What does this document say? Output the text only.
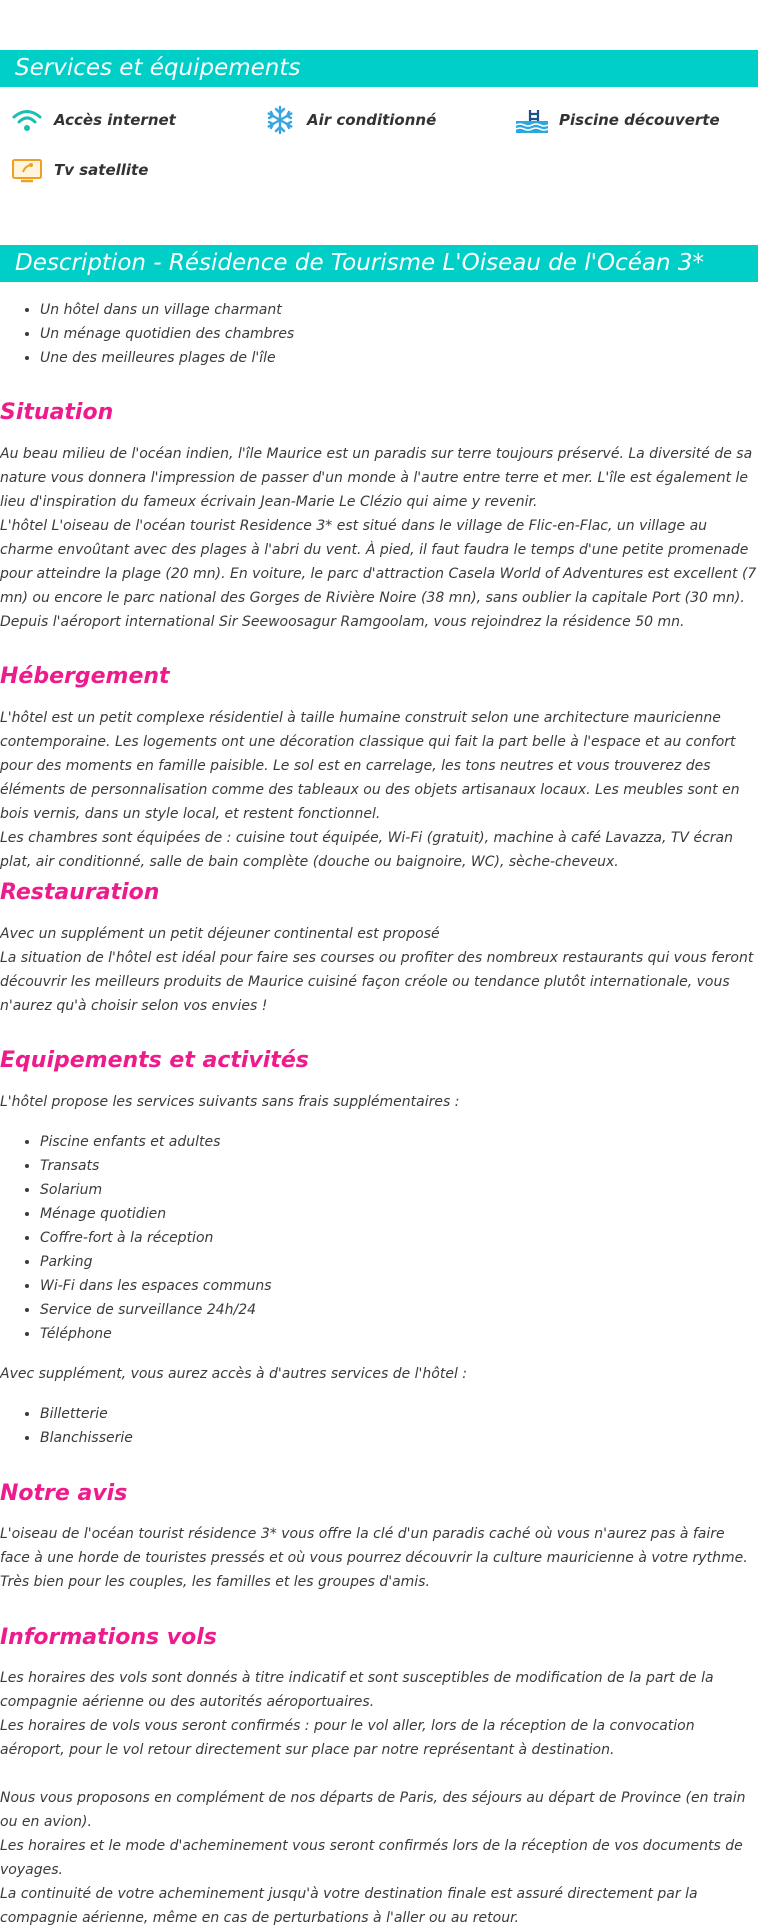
Services et équipements
Accès internet	Air conditionné	Piscine découverte
Tv satellite
Description - Résidence de Tourisme L'Oiseau de l'Océan 3*
• Un hôtel dans un village charmant
• Un ménage quotidien des chambres
• Une des meilleures plages de l'île
Situation

Au beau milieu de l'océan indien, l'île Maurice est un paradis sur terre toujours préservé. La diversité de sa nature vous donnera l'impression de passer d'un monde à l'autre entre terre et mer. L'île est également le lieu d'inspiration du fameux écrivain Jean-Marie Le Clézio qui aime y revenir.

L'hôtel L'oiseau de l'océan tourist Residence 3* est situé dans le village de Flic-en-Flac, un village au charme envoûtant avec des plages à l'abri du vent. À pied, il faut faudra le temps d'une petite promenade pour atteindre la plage (20 mn). En voiture, le parc d'attraction Casela World of Adventures est excellent (7 mn) ou encore le parc national des Gorges de Rivière Noire (38 mn), sans oublier la capitale Port (30 mn). Depuis l'aéroport international Sir Seewoosagur Ramgoolam, vous rejoindrez la résidence 50 mn.

Hébergement

L'hôtel est un petit complexe résidentiel à taille humaine construit selon une architecture mauricienne contemporaine. Les logements ont une décoration classique qui fait la part belle à l'espace et au confort pour des moments en famille paisible. Le sol est en carrelage, les tons neutres et vous trouverez des éléments de personnalisation comme des tableaux ou des objets artisanaux locaux. Les meubles sont en bois vernis, dans un style local, et restent fonctionnel.

Les chambres sont équipées de : cuisine tout équipée, Wi-Fi (gratuit), machine à café Lavazza, TV écran plat, air conditionné, salle de bain complète (douche ou baignoire, WC), sèche-cheveux.

Restauration

Avec un supplément un petit déjeuner continental est proposé

La situation de l'hôtel est idéal pour faire ses courses ou profiter des nombreux restaurants qui vous feront découvrir les meilleurs produits de Maurice cuisiné façon créole ou tendance plutôt internationale, vous n'aurez qu'à choisir selon vos envies !

Equipements et activités

L'hôtel propose les services suivants sans frais supplémentaires :

• Piscine enfants et adultes
• Transats
• Solarium
• Ménage quotidien
• Coffre-fort à la réception
• Parking
• Wi-Fi dans les espaces communs
• Service de surveillance 24h/24
• Téléphone

Avec supplément, vous aurez accès à d'autres services de l'hôtel :

• Billetterie
• Blanchisserie
Notre avis

L'oiseau de l'océan tourist résidence 3* vous offre la clé d'un paradis caché où vous n'aurez pas à faire face à une horde de touristes pressés et où vous pourrez découvrir la culture mauricienne à votre rythme. Très bien pour les couples, les familles et les groupes d'amis.

Informations vols

Les horaires des vols sont donnés à titre indicatif et sont susceptibles de modification de la part de la compagnie aérienne ou des autorités aéroportuaires.

Les horaires de vols vous seront confirmés : pour le vol aller, lors de la réception de la convocation aéroport, pour le vol retour directement sur place par notre représentant à destination.

Nous vous proposons en complément de nos départs de Paris, des séjours au départ de Province (en train ou en avion).

Les horaires et le mode d'acheminement vous seront confirmés lors de la réception de vos documents de voyages.

La continuité de votre acheminement jusqu'à votre destination finale est assuré directement par la compagnie aérienne, même en cas de perturbations à l'aller ou au retour.
